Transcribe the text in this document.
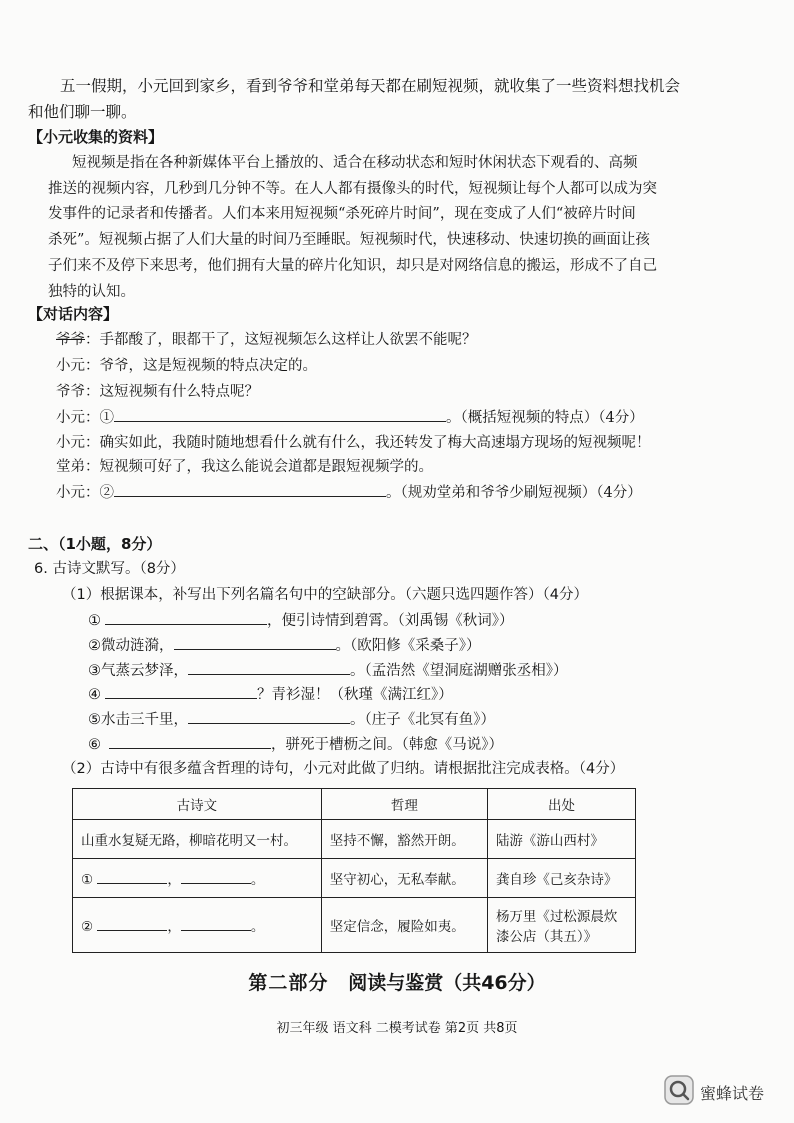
五一假期，小元回到家乡，看到爷爷和堂弟每天都在刷短视频，就收集了一些资料想找机会
和他们聊一聊。
【小元收集的资料】
短视频是指在各种新媒体平台上播放的、适合在移动状态和短时休闲状态下观看的、高频
推送的视频内容，几秒到几分钟不等。在人人都有摄像头的时代，短视频让每个人都可以成为突
发事件的记录者和传播者。人们本来用短视频“杀死碎片时间”，现在变成了人们“被碎片时间
杀死”。短视频占据了人们大量的时间乃至睡眠。短视频时代，快速移动、快速切换的画面让孩
子们来不及停下来思考，他们拥有大量的碎片化知识，却只是对网络信息的搬运，形成不了自己
独特的认知。
【对话内容】
爷爷：手都酸了，眼都干了，这短视频怎么这样让人欲罢不能呢？
小元：爷爷，这是短视频的特点决定的。
爷爷：这短视频有什么特点呢？
小元：①	。（概括短视频的特点）（4分）
小元：确实如此，我随时随地想看什么就有什么，我还转发了梅大高速塌方现场的短视频呢！
堂弟：短视频可好了，我这么能说会道都是跟短视频学的。
小元：②	。（规劝堂弟和爷爷少刷短视频）（4分）
二、（1小题，8分）
6. 古诗文默写。（8分）
（1）根据课本，补写出下列名篇名句中的空缺部分。（六题只选四题作答）（4分）
①	，便引诗情到碧霄。（刘禹锡《秋词》）
②微动涟漪，	。（欧阳修《采桑子》）
③气蒸云梦泽，	。（孟浩然《望洞庭湖赠张丞相》）
④	？青衫湿！（秋瑾《满江红》）
⑤水击三千里，	。（庄子《北冥有鱼》）
⑥	，骈死于槽枥之间。（韩愈《马说》）
（2）古诗中有很多蕴含哲理的诗句，小元对此做了归纳。请根据批注完成表格。（4分）
古诗文	哲理	出处
山重水复疑无路，柳暗花明又一村。	坚持不懈，豁然开朗。	陆游《游山西村》
① ， 。	坚守初心，无私奉献。	龚自珍《己亥杂诗》
② ， 。	坚定信念，履险如夷。	杨万里《过松源晨炊
漆公店（其五）》
第二部分 阅读与鉴赏（共46分）
初三年级 语文科 二模考试卷 第2页 共8页
蜜蜂试卷
